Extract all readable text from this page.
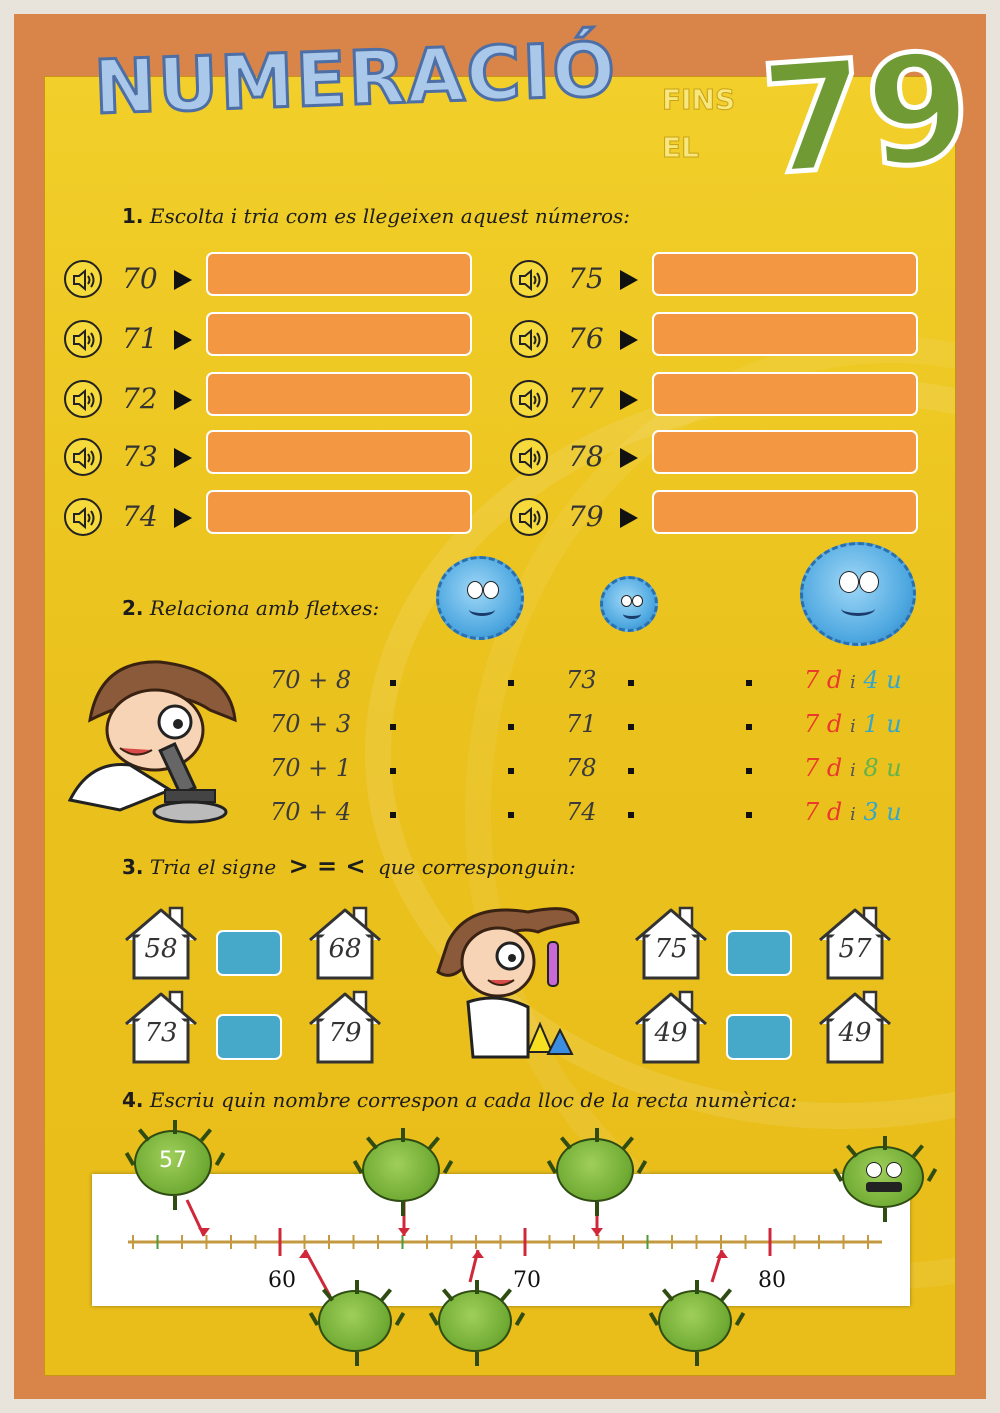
NUMERACIÓ FINS
EL 79
1. Escolta i tria com es llegeixen aquest números:
70
71
72
73
74
75
76
77
78
79
2. Relaciona amb fletxes:
70 + 8	73	7 d i 4 u
70 + 3	71	7 d i 1 u
70 + 1	78	7 d i 8 u
70 + 4	74	7 d i 3 u
3. Tria el signe > = < que corresponguin:
58	68
73	79
75	57
49	49
4. Escriu quin nombre correspon a cada lloc de la recta numèrica:
60	70	80
57
